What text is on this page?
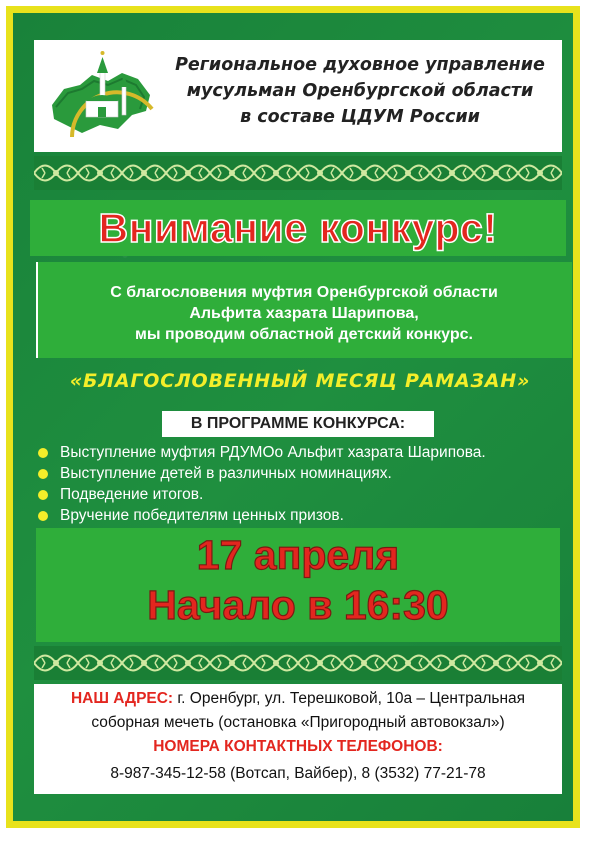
Региональное духовное управление
мусульман Оренбургской области
в составе ЦДУМ России
Внимание конкурс!
С благословения муфтия Оренбургской области
Альфита хазрата Шарипова,
мы проводим областной детский конкурс.
«БЛАГОСЛОВЕННЫЙ МЕСЯЦ РАМАЗАН»
В ПРОГРАММЕ КОНКУРСА:
Выступление муфтия РДУМОо Альфит хазрата Шарипова.
Выступление детей в различных номинациях.
Подведение итогов.
Вручение победителям ценных призов.
17 апреля
Начало в 16:30
НАШ АДРЕС: г. Оренбург, ул. Терешковой, 10а – Центральная
соборная мечеть (остановка «Пригородный автовокзал»)
НОМЕРА КОНТАКТНЫХ ТЕЛЕФОНОВ:
8-987-345-12-58 (Вотсап, Вайбер), 8 (3532) 77-21-78
